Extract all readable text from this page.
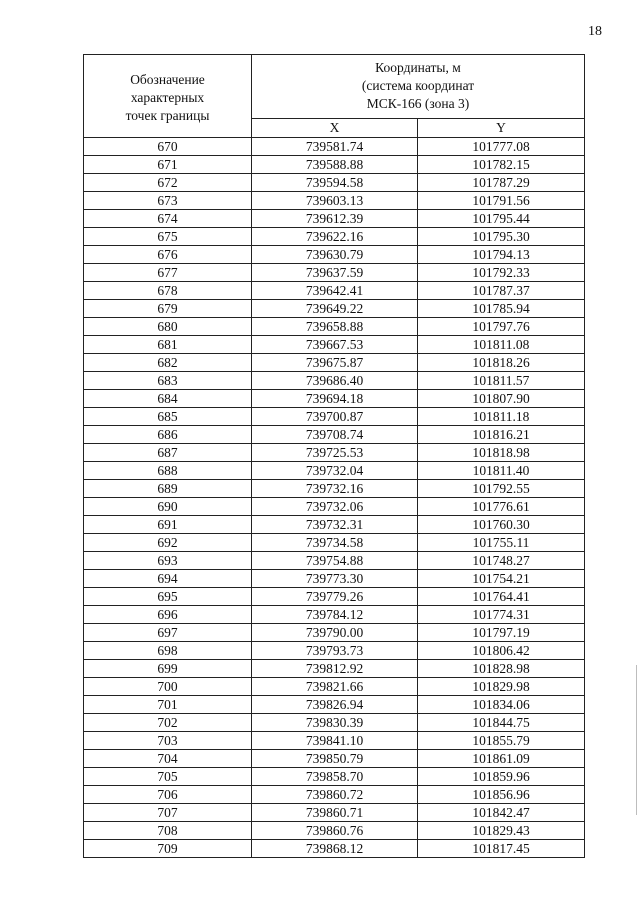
18
Обозначение
характерных
точек границы	Координаты, м
(система координат
МСК-166 (зона 3)	

	X	Y
670	739581.74	101777.08
671	739588.88	101782.15
672	739594.58	101787.29
673	739603.13	101791.56
674	739612.39	101795.44
675	739622.16	101795.30
676	739630.79	101794.13
677	739637.59	101792.33
678	739642.41	101787.37
679	739649.22	101785.94
680	739658.88	101797.76
681	739667.53	101811.08
682	739675.87	101818.26
683	739686.40	101811.57
684	739694.18	101807.90
685	739700.87	101811.18
686	739708.74	101816.21
687	739725.53	101818.98
688	739732.04	101811.40
689	739732.16	101792.55
690	739732.06	101776.61
691	739732.31	101760.30
692	739734.58	101755.11
693	739754.88	101748.27
694	739773.30	101754.21
695	739779.26	101764.41
696	739784.12	101774.31
697	739790.00	101797.19
698	739793.73	101806.42
699	739812.92	101828.98
700	739821.66	101829.98
701	739826.94	101834.06
702	739830.39	101844.75
703	739841.10	101855.79
704	739850.79	101861.09
705	739858.70	101859.96
706	739860.72	101856.96
707	739860.71	101842.47
708	739860.76	101829.43
709	739868.12	101817.45
